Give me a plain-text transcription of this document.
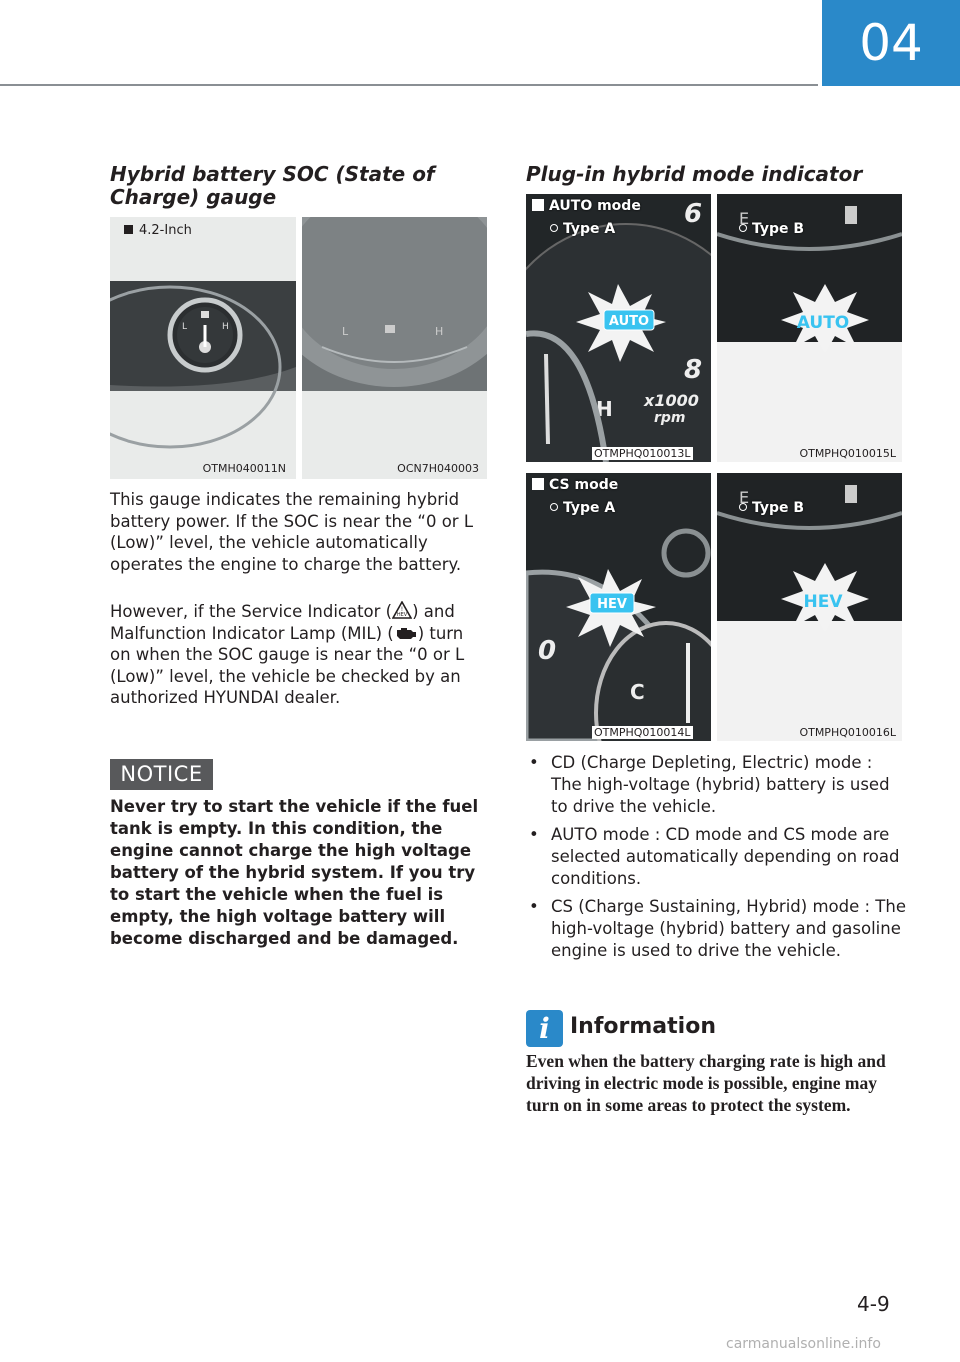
04
Hybrid battery SOC (State of Charge) gauge
4.2-Inch
L	H
OTMH040011N
L	H
OCN7H040003

This gauge indicates the remaining hybrid battery power. If the SOC is near the “0 or L (Low)” level, the vehicle automatically operates the engine to charge the battery.

However, if the Service Indicator ( HEV
! ) and Malfunction Indicator Lamp (MIL) ( ) turn on when the SOC gauge is near the “0 or L (Low)” level, the vehicle be checked by an authorized HYUNDAI dealer.

NOTICE

Never try to start the vehicle if the fuel tank is empty. In this condition, the engine cannot charge the high voltage battery of the hybrid system. If you try to start the vehicle when the fuel is empty, the high voltage battery will become discharged and be damaged.

Plug-in hybrid mode indicator
6
8
H x1000
rpm
AUTO
AUTO mode
Type A
OTMPHQ010013L
E
AUTO
Type B
OTMPHQ010015L
0
C
HEV
CS mode
Type A
OTMPHQ010014L
E
HEV
Type B
OTMPHQ010016L
• CD (Charge Depleting, Electric) mode : The high-voltage (hybrid) battery is used to drive the vehicle.
• AUTO mode : CD mode and CS mode are selected automatically depending on road conditions.
• CS (Charge Sustaining, Hybrid) mode : The high-voltage (hybrid) battery and gasoline engine is used to drive the vehicle.
i Information

Even when the battery charging rate is high and driving in electric mode is possible, engine may turn on in some areas to protect the system.

4-9
carmanualsonline.info
